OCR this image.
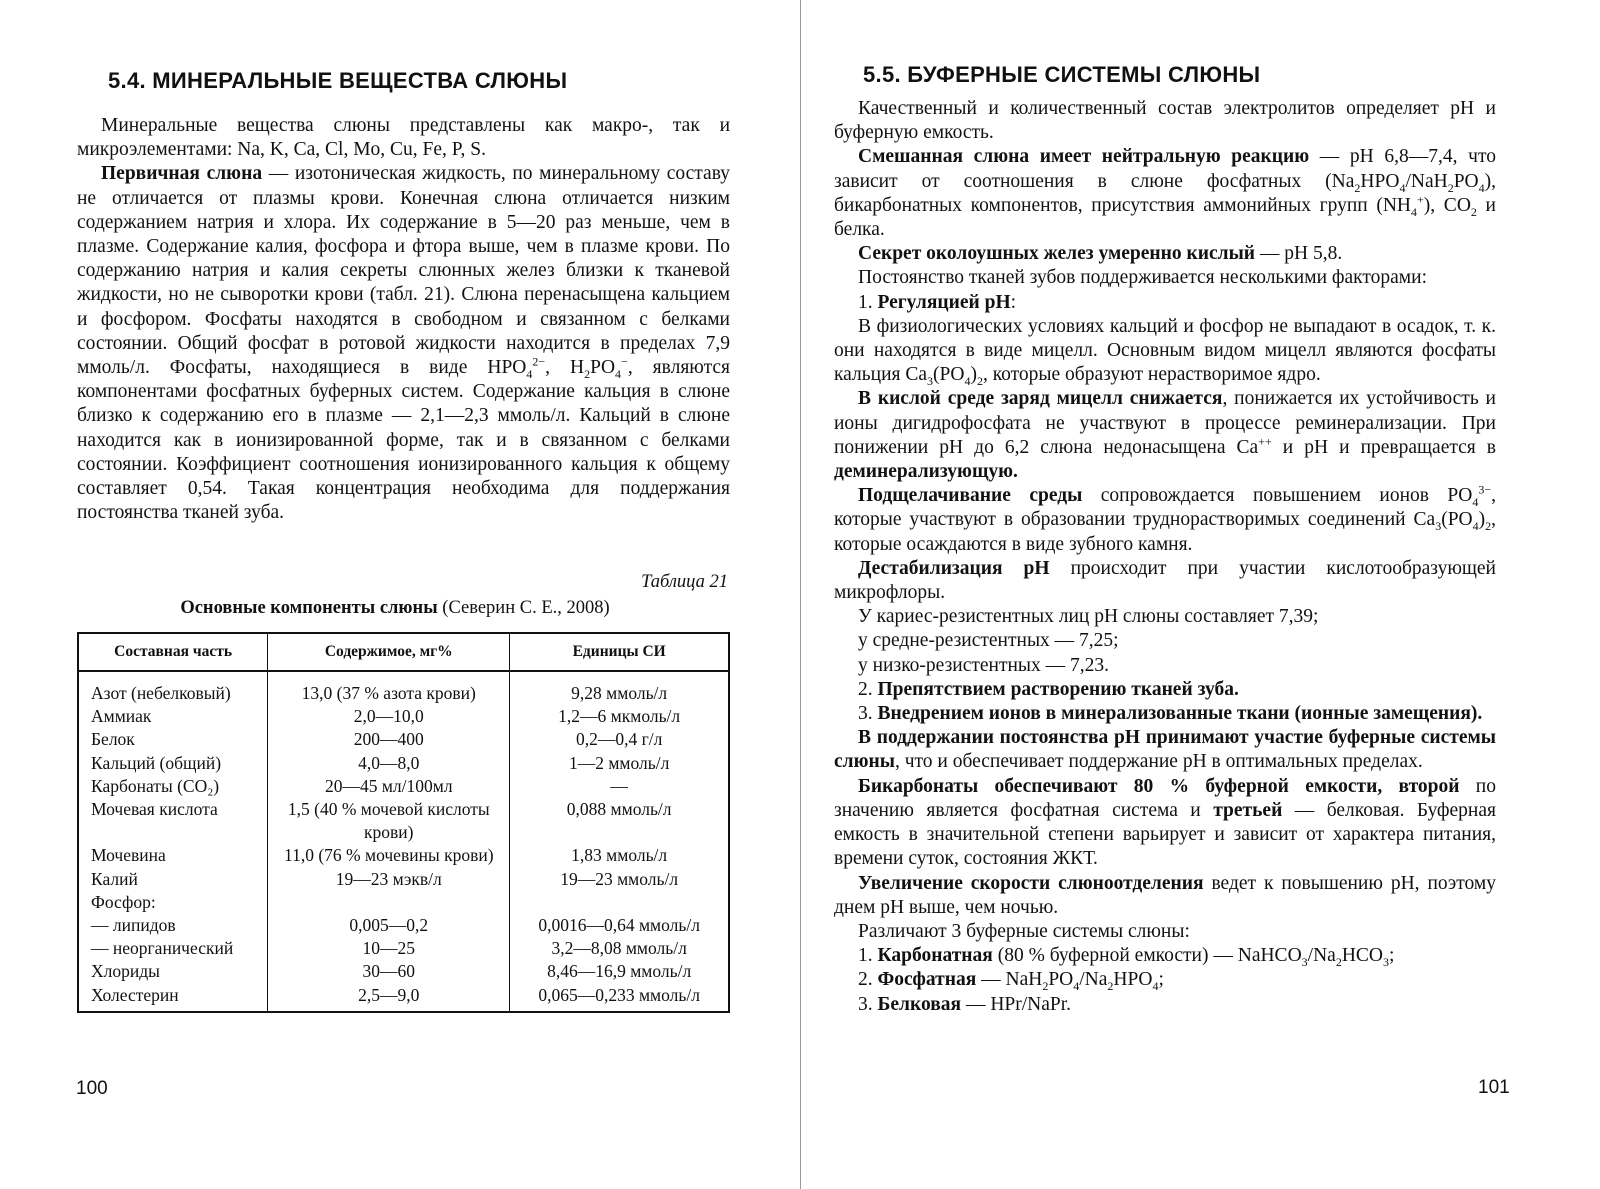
5.4. МИНЕРАЛЬНЫЕ ВЕЩЕСТВА СЛЮНЫ

Минеральные вещества слюны представлены как макро-, так и микроэлементами: Na, K, Ca, Cl, Mo, Cu, Fe, P, S.

Первичная слюна — изотоническая жидкость, по минеральному составу не отличается от плазмы крови. Конечная слюна отличается низким содержанием натрия и хлора. Их содержание в 5—20 раз меньше, чем в плазме. Содержание калия, фосфора и фтора выше, чем в плазме крови. По содержанию натрия и калия секреты слюнных желез близки к тканевой жидкости, но не сыворотки крови (табл. 21). Слюна перенасыщена кальцием и фосфором. Фосфаты находятся в свободном и связанном с белками состоянии. Общий фосфат в ротовой жидкости находится в пределах 7,9 ммоль/л. Фосфаты, находящиеся в виде $HPO_4^{2-}$, $H_2PO_4^-$, являются компонентами фосфатных буферных систем. Содержание кальция в слюне близко к содержанию его в плазме — 2,1—2,3 ммоль/л. Кальций в слюне находится как в ионизированной форме, так и в связанном с белками состоянии. Коэффициент соотношения ионизированного кальция к общему составляет 0,54. Такая концентрация необходима для поддержания постоянства тканей зуба.

Таблица 21
Основные компоненты слюны (Северин С. Е., 2008)
Составная часть	Содержимое, мг%	Единицы СИ
Азот (небелковый)	13,0 (37 % азота крови)	9,28 ммоль/л
Аммиак	2,0—10,0	1,2—6 мкмоль/л
Белок	200—400	0,2—0,4 г/л
Кальций (общий)	4,0—8,0	1—2 ммоль/л
Карбонаты (CO₂)	20—45 мл/100мл	—
Мочевая кислота	1,5 (40 % мочевой кислоты крови)	0,088 ммоль/л
Мочевина	11,0 (76 % мочевины крови)	1,83 ммоль/л
Калий	19—23 мэкв/л	19—23 ммоль/л
Фосфор:		
— липидов	0,005—0,2	0,0016—0,64 ммоль/л
— неорганический	10—25	3,2—8,08 ммоль/л
Хлориды	30—60	8,46—16,9 ммоль/л
Холестерин	2,5—9,0	0,065—0,233 ммоль/л
100
5.5. БУФЕРНЫЕ СИСТЕМЫ СЛЮНЫ

Качественный и количественный состав электролитов определяет pH и буферную емкость.

Смешанная слюна имеет нейтральную реакцию — pH 6,8—7,4, что зависит от соотношения в слюне фосфатных $(Na_2HPO_4/NaH_2PO_4)$, бикарбонатных компонентов, присутствия аммонийных групп $(NH_4^+)$, $CO_2$ и белка.

Секрет околоушных желез умеренно кислый — pH 5,8.

Постоянство тканей зубов поддерживается несколькими факторами:

1. Регуляцией pH:

В физиологических условиях кальций и фосфор не выпадают в осадок, т. к. они находятся в виде мицелл. Основным видом мицелл являются фосфаты кальция $Ca_3(PO_4)_2$, которые образуют нерастворимое ядро.

В кислой среде заряд мицелл снижается, понижается их устойчивость и ионы дигидрофосфата не участвуют в процессе реминерализации. При понижении pH до 6,2 слюна недонасыщена Ca++ и pH и превращается в деминерализующую.

Подщелачивание среды сопровождается повышением ионов $PO_4^{3-}$, которые участвуют в образовании труднорастворимых соединений $Ca_3(PO_4)_2$, которые осаждаются в виде зубного камня.

Дестабилизация pH происходит при участии кислотообразующей микрофлоры.

У кариес-резистентных лиц pH слюны составляет 7,39;

у средне-резистентных — 7,25;

у низко-резистентных — 7,23.

2. Препятствием растворению тканей зуба.

3. Внедрением ионов в минерализованные ткани (ионные замещения).

В поддержании постоянства pH принимают участие буферные системы слюны, что и обеспечивает поддержание pH в оптимальных пределах.

Бикарбонаты обеспечивают 80 % буферной емкости, второй по значению является фосфатная система и третьей — белковая. Буферная емкость в значительной степени варьирует и зависит от характера питания, времени суток, состояния ЖКТ.

Увеличение скорости слюноотделения ведет к повышению pH, поэтому днем pH выше, чем ночью.

Различают 3 буферные системы слюны:

1. Карбонатная (80 % буферной емкости) — $NaHCO_3/Na_2HCO_3$;

2. Фосфатная — $NaH_2PO_4/Na_2HPO_4$;

3. Белковая — HPr/NaPr.

101
